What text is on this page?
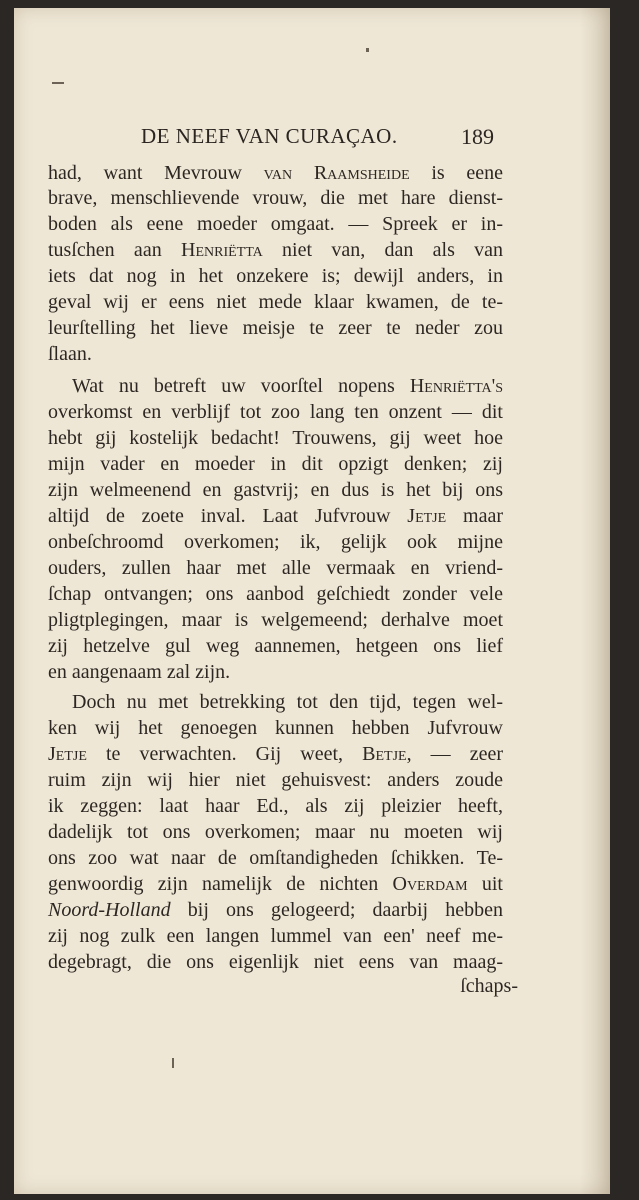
DE NEEF VAN CURAÇAO.	189
had, want Mevrouw van Raamsheide is eene
brave, menschlievende vrouw, die met hare dienst-
boden als eene moeder omgaat. — Spreek er in-
tusſchen aan Henriëtta niet van, dan als van
iets dat nog in het onzekere is; dewijl anders, in
geval wij er eens niet mede klaar kwamen, de te-
leurſtelling het lieve meisje te zeer te neder zou
ſlaan.
Wat nu betreft uw voorſtel nopens Henriëtta's
overkomst en verblijf tot zoo lang ten onzent — dit
hebt gij kostelijk bedacht! Trouwens, gij weet hoe
mijn vader en moeder in dit opzigt denken; zij
zijn welmeenend en gastvrij; en dus is het bij ons
altijd de zoete inval. Laat Jufvrouw Jetje maar
onbeſchroomd overkomen; ik, gelijk ook mijne
ouders, zullen haar met alle vermaak en vriend-
ſchap ontvangen; ons aanbod geſchiedt zonder vele
pligtplegingen, maar is welgemeend; derhalve moet
zij hetzelve gul weg aannemen, hetgeen ons lief
en aangenaam zal zijn.
Doch nu met betrekking tot den tijd, tegen wel-
ken wij het genoegen kunnen hebben Jufvrouw
Jetje te verwachten. Gij weet, Betje, — zeer
ruim zijn wij hier niet gehuisvest: anders zoude
ik zeggen: laat haar Ed., als zij pleizier heeft,
dadelijk tot ons overkomen; maar nu moeten wij
ons zoo wat naar de omſtandigheden ſchikken. Te-
genwoordig zijn namelijk de nichten Overdam uit
Noord-Holland bij ons gelogeerd; daarbij hebben
zij nog zulk een langen lummel van een' neef me-
degebragt, die ons eigenlijk niet eens van maag-
ſchaps-
